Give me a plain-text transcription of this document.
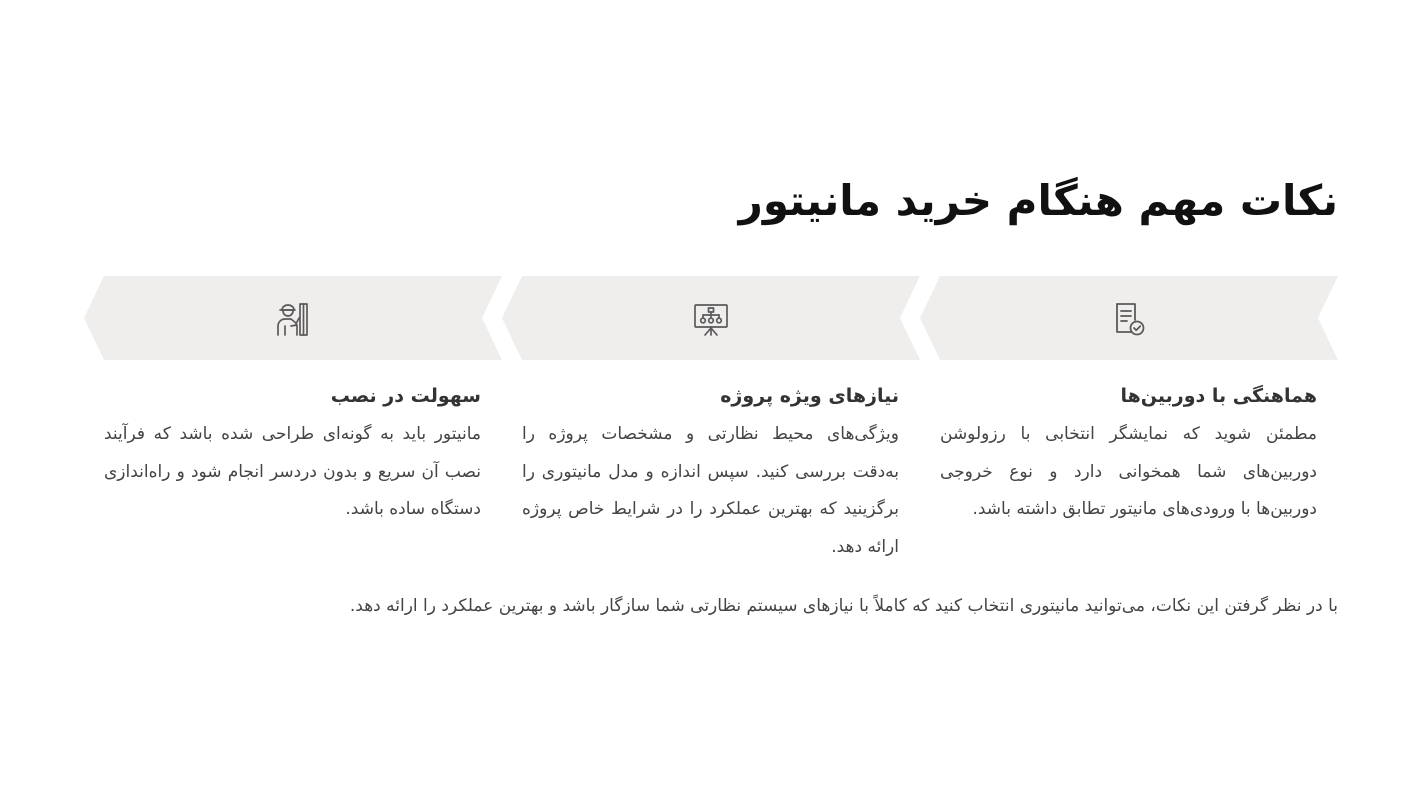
نکات مهم هنگام خرید مانیتور
هماهنگی با دوربین‌ها

مطمئن شوید که نمایشگر انتخابی با رزولوشن دوربین‌های شما همخوانی دارد و نوع خروجی دوربین‌ها با ورودی‌های مانیتور تطابق داشته باشد.

نیازهای ویژه پروژه

ویژگی‌های محیط نظارتی و مشخصات پروژه را به‌دقت بررسی کنید. سپس اندازه و مدل مانیتوری را برگزینید که بهترین عملکرد را در شرایط خاص پروژه ارائه دهد.

سهولت در نصب

مانیتور باید به گونه‌ای طراحی شده باشد که فرآیند نصب آن سریع و بدون دردسر انجام شود و راه‌اندازی دستگاه ساده باشد.

با در نظر گرفتن این نکات، می‌توانید مانیتوری انتخاب کنید که کاملاً با نیازهای سیستم نظارتی شما سازگار باشد و بهترین عملکرد را ارائه دهد.
